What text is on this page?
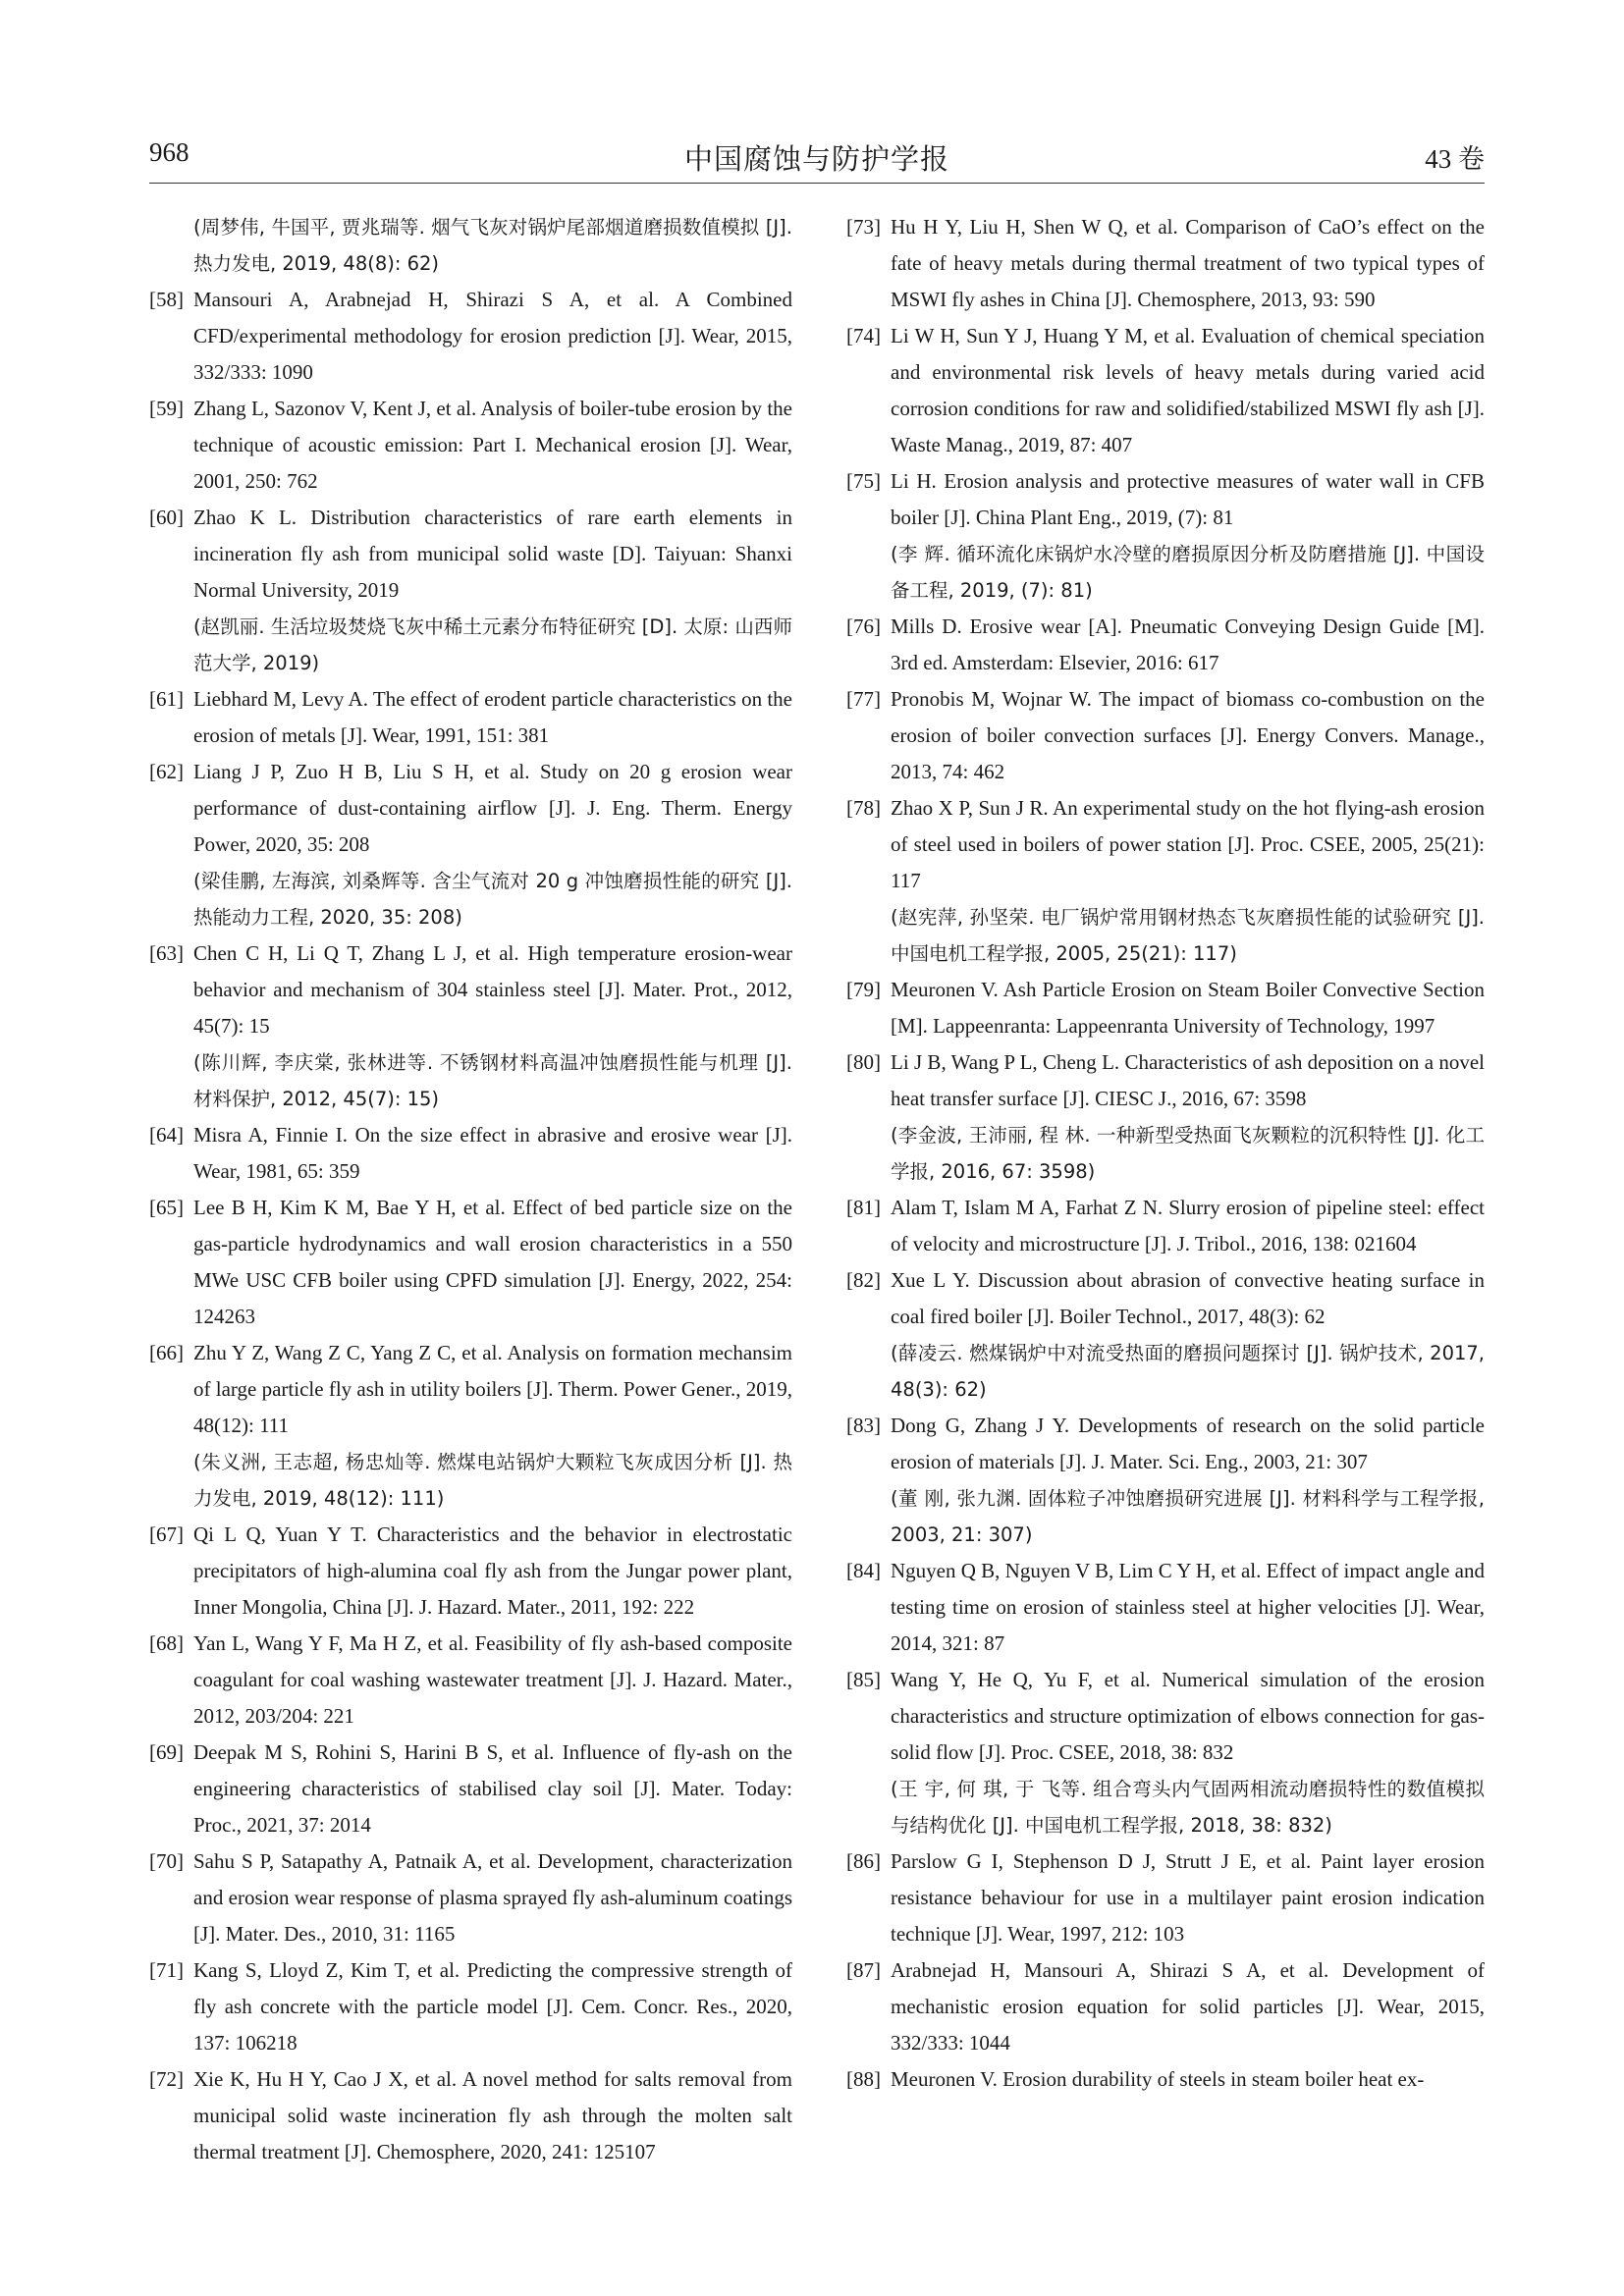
968	中国腐蚀与防护学报	43 卷

(周梦伟, 牛国平, 贾兆瑞等. 烟气飞灰对锅炉尾部烟道磨损数值模拟 [J]. 热力发电, 2019, 48(8): 62)

[58] Mansouri A, Arabnejad H, Shirazi S A, et al. A Combined CFD/experimental methodology for erosion prediction [J]. Wear, 2015, 332/333: 1090

[59] Zhang L, Sazonov V, Kent J, et al. Analysis of boiler-tube erosion by the technique of acoustic emission: Part I. Mechanical erosion [J]. Wear, 2001, 250: 762

[60] Zhao K L. Distribution characteristics of rare earth elements in incineration fly ash from municipal solid waste [D]. Taiyuan: Shanxi Normal University, 2019
(赵凯丽. 生活垃圾焚烧飞灰中稀土元素分布特征研究 [D]. 太原: 山西师范大学, 2019)

[61] Liebhard M, Levy A. The effect of erodent particle characteristics on the erosion of metals [J]. Wear, 1991, 151: 381

[62] Liang J P, Zuo H B, Liu S H, et al. Study on 20 g erosion wear performance of dust-containing airflow [J]. J. Eng. Therm. Energy Power, 2020, 35: 208
(梁佳鹏, 左海滨, 刘桑辉等. 含尘气流对 20 g 冲蚀磨损性能的研究 [J]. 热能动力工程, 2020, 35: 208)

[63] Chen C H, Li Q T, Zhang L J, et al. High temperature erosion-wear behavior and mechanism of 304 stainless steel [J]. Mater. Prot., 2012, 45(7): 15
(陈川辉, 李庆棠, 张林进等. 不锈钢材料高温冲蚀磨损性能与机理 [J]. 材料保护, 2012, 45(7): 15)

[64] Misra A, Finnie I. On the size effect in abrasive and erosive wear [J]. Wear, 1981, 65: 359

[65] Lee B H, Kim K M, Bae Y H, et al. Effect of bed particle size on the gas-particle hydrodynamics and wall erosion characteristics in a 550 MWe USC CFB boiler using CPFD simulation [J]. Energy, 2022, 254: 124263

[66] Zhu Y Z, Wang Z C, Yang Z C, et al. Analysis on formation mechansim of large particle fly ash in utility boilers [J]. Therm. Power Gener., 2019, 48(12): 111
(朱义洲, 王志超, 杨忠灿等. 燃煤电站锅炉大颗粒飞灰成因分析 [J]. 热力发电, 2019, 48(12): 111)

[67] Qi L Q, Yuan Y T. Characteristics and the behavior in electrostatic precipitators of high-alumina coal fly ash from the Jungar power plant, Inner Mongolia, China [J]. J. Hazard. Mater., 2011, 192: 222

[68] Yan L, Wang Y F, Ma H Z, et al. Feasibility of fly ash-based composite coagulant for coal washing wastewater treatment [J]. J. Hazard. Mater., 2012, 203/204: 221

[69] Deepak M S, Rohini S, Harini B S, et al. Influence of fly-ash on the engineering characteristics of stabilised clay soil [J]. Mater. Today: Proc., 2021, 37: 2014

[70] Sahu S P, Satapathy A, Patnaik A, et al. Development, characterization and erosion wear response of plasma sprayed fly ash-aluminum coatings [J]. Mater. Des., 2010, 31: 1165

[71] Kang S, Lloyd Z, Kim T, et al. Predicting the compressive strength of fly ash concrete with the particle model [J]. Cem. Concr. Res., 2020, 137: 106218

[72] Xie K, Hu H Y, Cao J X, et al. A novel method for salts removal from municipal solid waste incineration fly ash through the molten salt thermal treatment [J]. Chemosphere, 2020, 241: 125107

[73] Hu H Y, Liu H, Shen W Q, et al. Comparison of CaO’s effect on the fate of heavy metals during thermal treatment of two typical types of MSWI fly ashes in China [J]. Chemosphere, 2013, 93: 590

[74] Li W H, Sun Y J, Huang Y M, et al. Evaluation of chemical speciation and environmental risk levels of heavy metals during varied acid corrosion conditions for raw and solidified/stabilized MSWI fly ash [J]. Waste Manag., 2019, 87: 407

[75] Li H. Erosion analysis and protective measures of water wall in CFB boiler [J]. China Plant Eng., 2019, (7): 81
(李 辉. 循环流化床锅炉水冷壁的磨损原因分析及防磨措施 [J]. 中国设备工程, 2019, (7): 81)

[76] Mills D. Erosive wear [A]. Pneumatic Conveying Design Guide [M]. 3rd ed. Amsterdam: Elsevier, 2016: 617

[77] Pronobis M, Wojnar W. The impact of biomass co-combustion on the erosion of boiler convection surfaces [J]. Energy Convers. Manage., 2013, 74: 462

[78] Zhao X P, Sun J R. An experimental study on the hot flying-ash erosion of steel used in boilers of power station [J]. Proc. CSEE, 2005, 25(21): 117
(赵宪萍, 孙坚荣. 电厂锅炉常用钢材热态飞灰磨损性能的试验研究 [J]. 中国电机工程学报, 2005, 25(21): 117)

[79] Meuronen V. Ash Particle Erosion on Steam Boiler Convective Section [M]. Lappeenranta: Lappeenranta University of Technology, 1997

[80] Li J B, Wang P L, Cheng L. Characteristics of ash deposition on a novel heat transfer surface [J]. CIESC J., 2016, 67: 3598
(李金波, 王沛丽, 程 林. 一种新型受热面飞灰颗粒的沉积特性 [J]. 化工学报, 2016, 67: 3598)

[81] Alam T, Islam M A, Farhat Z N. Slurry erosion of pipeline steel: effect of velocity and microstructure [J]. J. Tribol., 2016, 138: 021604

[82] Xue L Y. Discussion about abrasion of convective heating surface in coal fired boiler [J]. Boiler Technol., 2017, 48(3): 62
(薛凌云. 燃煤锅炉中对流受热面的磨损问题探讨 [J]. 锅炉技术, 2017, 48(3): 62)

[83] Dong G, Zhang J Y. Developments of research on the solid particle erosion of materials [J]. J. Mater. Sci. Eng., 2003, 21: 307
(董 刚, 张九渊. 固体粒子冲蚀磨损研究进展 [J]. 材料科学与工程学报, 2003, 21: 307)

[84] Nguyen Q B, Nguyen V B, Lim C Y H, et al. Effect of impact angle and testing time on erosion of stainless steel at higher velocities [J]. Wear, 2014, 321: 87

[85] Wang Y, He Q, Yu F, et al. Numerical simulation of the erosion characteristics and structure optimization of elbows connection for gas-solid flow [J]. Proc. CSEE, 2018, 38: 832
(王 宇, 何 琪, 于 飞等. 组合弯头内气固两相流动磨损特性的数值模拟与结构优化 [J]. 中国电机工程学报, 2018, 38: 832)

[86] Parslow G I, Stephenson D J, Strutt J E, et al. Paint layer erosion resistance behaviour for use in a multilayer paint erosion indication technique [J]. Wear, 1997, 212: 103

[87] Arabnejad H, Mansouri A, Shirazi S A, et al. Development of mechanistic erosion equation for solid particles [J]. Wear, 2015, 332/333: 1044

[88] Meuronen V. Erosion durability of steels in steam boiler heat ex-
